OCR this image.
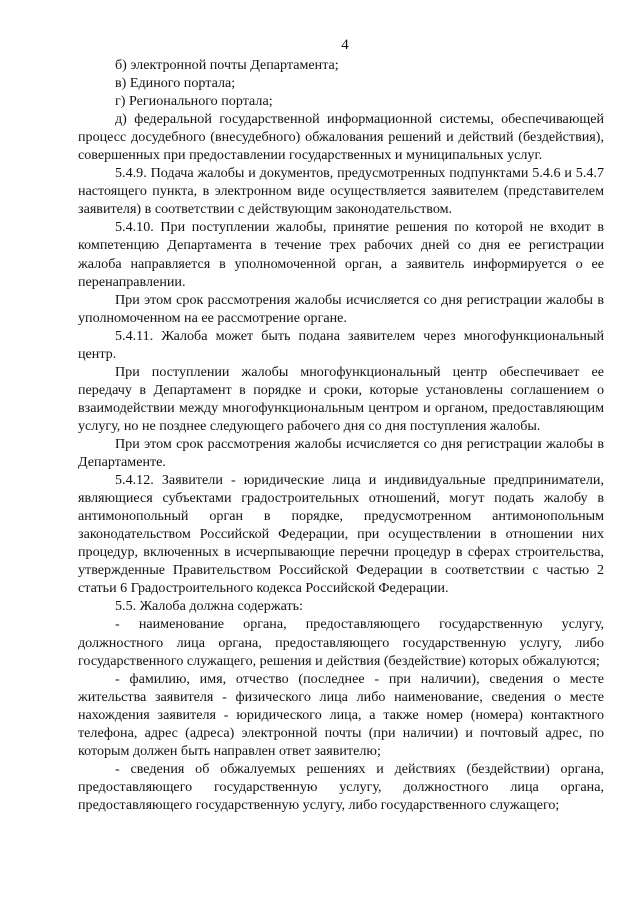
4

б) электронной почты Департамента;

в) Единого портала;

г) Регионального портала;

д) федеральной государственной информационной системы, обеспечивающей процесс досудебного (внесудебного) обжалования решений и действий (бездействия), совершенных при предоставлении государственных и муниципальных услуг.

5.4.9. Подача жалобы и документов, предусмотренных подпунктами 5.4.6 и 5.4.7 настоящего пункта, в электронном виде осуществляется заявителем (представителем заявителя) в соответствии с действующим законодательством.

5.4.10. При поступлении жалобы, принятие решения по которой не входит в компетенцию Департамента в течение трех рабочих дней со дня ее регистрации жалоба направляется в уполномоченной орган, а заявитель информируется о ее перенаправлении.

При этом срок рассмотрения жалобы исчисляется со дня регистрации жалобы в уполномоченном на ее рассмотрение органе.

5.4.11. Жалоба может быть подана заявителем через многофункциональный центр.

При поступлении жалобы многофункциональный центр обеспечивает ее передачу в Департамент в порядке и сроки, которые установлены соглашением о взаимодействии между многофункциональным центром и органом, предоставляющим услугу, но не позднее следующего рабочего дня со дня поступления жалобы.

При этом срок рассмотрения жалобы исчисляется со дня регистрации жалобы в Департаменте.

5.4.12. Заявители - юридические лица и индивидуальные предприниматели, являющиеся субъектами градостроительных отношений, могут подать жалобу в антимонопольный орган в порядке, предусмотренном антимонопольным законодательством Российской Федерации, при осуществлении в отношении них процедур, включенных в исчерпывающие перечни процедур в сферах строительства, утвержденные Правительством Российской Федерации в соответствии с частью 2 статьи 6 Градостроительного кодекса Российской Федерации.

5.5. Жалоба должна содержать:

- наименование органа, предоставляющего государственную услугу, должностного лица органа, предоставляющего государственную услугу, либо государственного служащего, решения и действия (бездействие) которых обжалуются;

- фамилию, имя, отчество (последнее - при наличии), сведения о месте жительства заявителя - физического лица либо наименование, сведения о месте нахождения заявителя - юридического лица, а также номер (номера) контактного телефона, адрес (адреса) электронной почты (при наличии) и почтовый адрес, по которым должен быть направлен ответ заявителю;

- сведения об обжалуемых решениях и действиях (бездействии) органа, предоставляющего государственную услугу, должностного лица органа, предоставляющего государственную услугу, либо государственного служащего;
